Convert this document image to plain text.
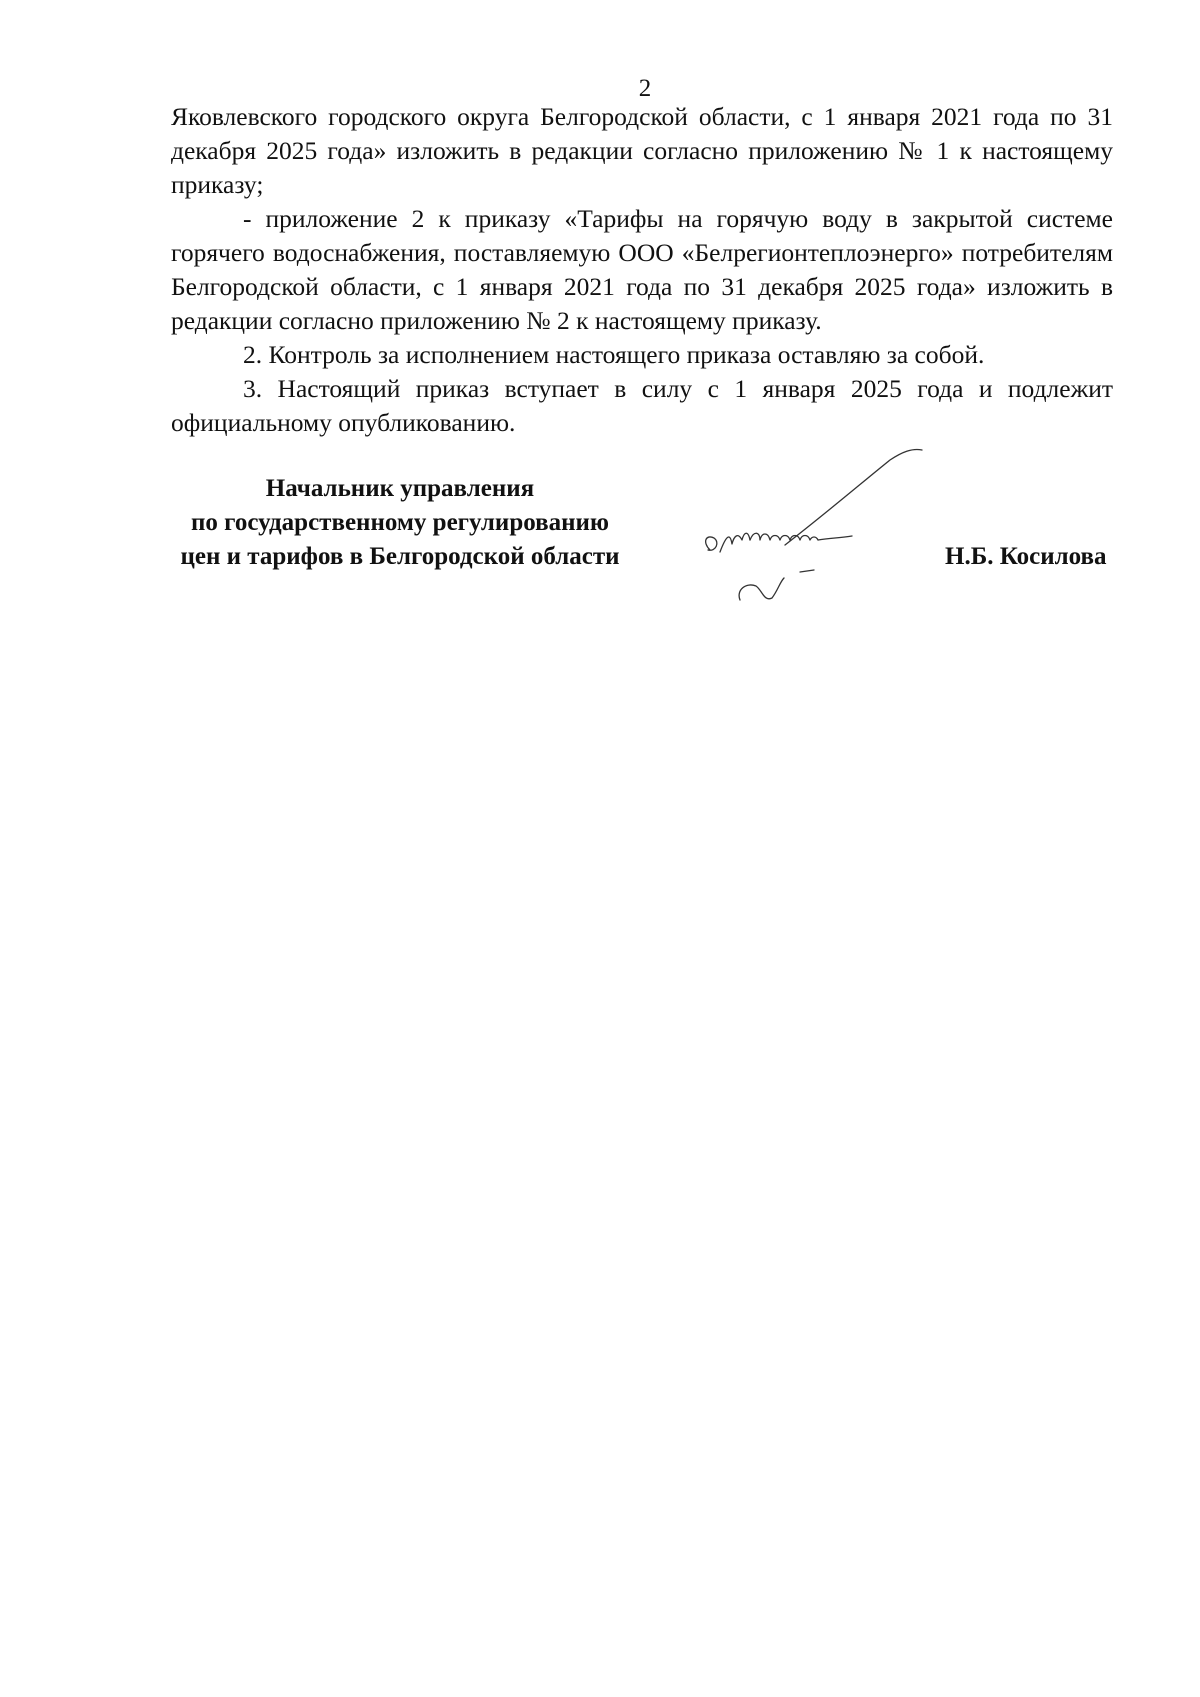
2

Яковлевского городского округа Белгородской области, с 1 января 2021 года по 31 декабря 2025 года» изложить в редакции согласно приложению № 1 к настоящему приказу;

- приложение 2 к приказу «Тарифы на горячую воду в закрытой системе горячего водоснабжения, поставляемую ООО «Белрегионтеплоэнерго» потребителям Белгородской области, с 1 января 2021 года по 31 декабря 2025 года» изложить в редакции согласно приложению № 2 к настоящему приказу.

2. Контроль за исполнением настоящего приказа оставляю за собой.

3. Настоящий приказ вступает в силу с 1 января 2025 года и подлежит официальному опубликованию.

Начальник управления
по государственному регулированию
цен и тарифов в Белгородской области	Н.Б. Косилова
